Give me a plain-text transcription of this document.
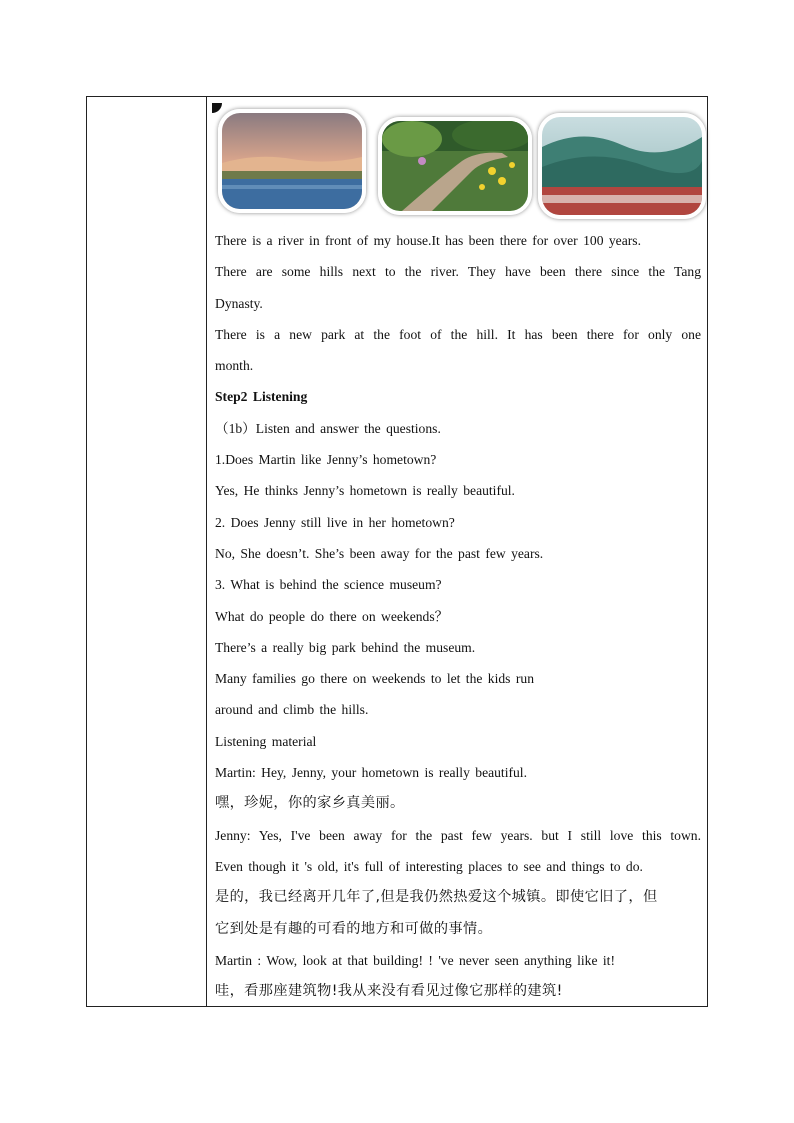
There is a river in front of my house.It has been there for over 100 years.
There are some hills next to the river. They have been there since the Tang
Dynasty.
There is a new park at the foot of the hill. It has been there for only one
month.
Step2 Listening
（1b）Listen and answer the questions.
1.Does Martin like Jenny’s hometown?
Yes, He thinks Jenny’s hometown is really beautiful.
2. Does Jenny still live in her hometown?
No, She doesn’t. She’s been away for the past few years.
3. What is behind the science museum?
What do people do there on weekends？
There’s a really big park behind the museum.
Many families go there on weekends to let the kids run
around and climb the hills.
Listening material
Martin: Hey, Jenny, your hometown is really beautiful.
嘿，珍妮，你的家乡真美丽。
Jenny: Yes, I've been away for the past few years. but I still love this town.
Even though it 's old, it's full of interesting places to see and things to do.
是的，我已经离开几年了,但是我仍然热爱这个城镇。即使它旧了，但
它到处是有趣的可看的地方和可做的事情。
Martin : Wow, look at that building! ! 've never seen anything like it!
哇，看那座建筑物!我从来没有看见过像它那样的建筑!
